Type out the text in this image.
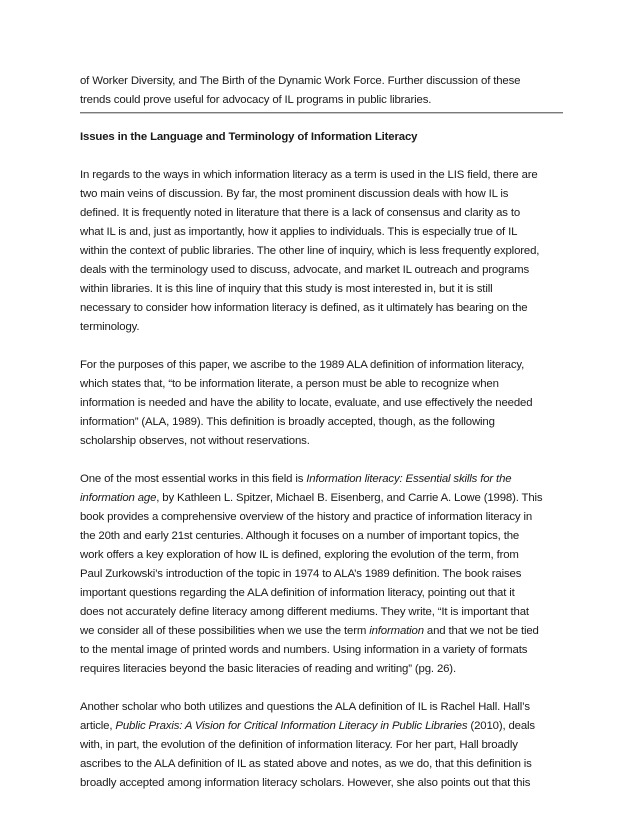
of Worker Diversity, and The Birth of the Dynamic Work Force. Further discussion of these
trends could prove useful for advocacy of IL programs in public libraries.
Issues in the Language and Terminology of Information Literacy
In regards to the ways in which information literacy as a term is used in the LIS field, there are
two main veins of discussion. By far, the most prominent discussion deals with how IL is
defined. It is frequently noted in literature that there is a lack of consensus and clarity as to
what IL is and, just as importantly, how it applies to individuals. This is especially true of IL
within the context of public libraries. The other line of inquiry, which is less frequently explored,
deals with the terminology used to discuss, advocate, and market IL outreach and programs
within libraries. It is this line of inquiry that this study is most interested in, but it is still
necessary to consider how information literacy is defined, as it ultimately has bearing on the
terminology.
For the purposes of this paper, we ascribe to the 1989 ALA definition of information literacy,
which states that, “to be information literate, a person must be able to recognize when
information is needed and have the ability to locate, evaluate, and use effectively the needed
information” (ALA, 1989). This definition is broadly accepted, though, as the following
scholarship observes, not without reservations.
One of the most essential works in this field is Information literacy: Essential skills for the
information age, by Kathleen L. Spitzer, Michael B. Eisenberg, and Carrie A. Lowe (1998). This
book provides a comprehensive overview of the history and practice of information literacy in
the 20th and early 21st centuries. Although it focuses on a number of important topics, the
work offers a key exploration of how IL is defined, exploring the evolution of the term, from
Paul Zurkowski’s introduction of the topic in 1974 to ALA’s 1989 definition. The book raises
important questions regarding the ALA definition of information literacy, pointing out that it
does not accurately define literacy among different mediums. They write, “It is important that
we consider all of these possibilities when we use the term information and that we not be tied
to the mental image of printed words and numbers. Using information in a variety of formats
requires literacies beyond the basic literacies of reading and writing” (pg. 26).
Another scholar who both utilizes and questions the ALA definition of IL is Rachel Hall. Hall’s
article, Public Praxis: A Vision for Critical Information Literacy in Public Libraries (2010), deals
with, in part, the evolution of the definition of information literacy. For her part, Hall broadly
ascribes to the ALA definition of IL as stated above and notes, as we do, that this definition is
broadly accepted among information literacy scholars. However, she also points out that this
